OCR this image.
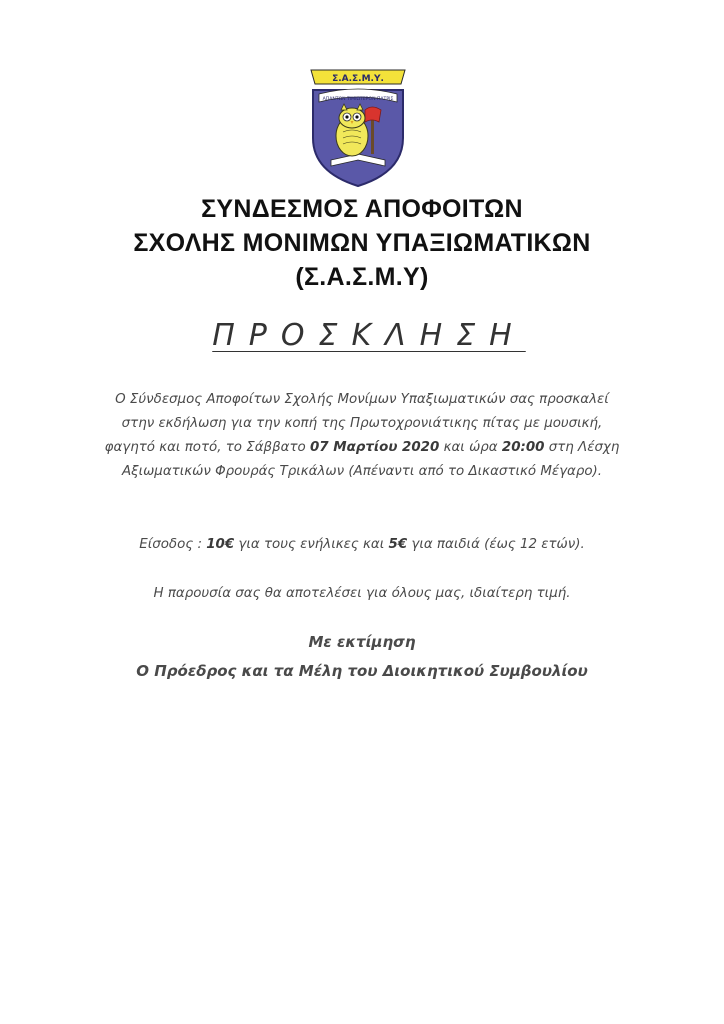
Σ.Α.Σ.Μ.Υ.
ΑΠΑΝΤΩΝ ΤΙΜΙΩΤΕΡΟΝ ΠΑΤΡΙΣ
ΣΥΝΔΕΣΜΟΣ ΑΠΟΦΟΙΤΩΝ
ΣΧΟΛΗΣ ΜΟΝΙΜΩΝ ΥΠΑΞΙΩΜΑΤΙΚΩΝ
(Σ.Α.Σ.Μ.Υ)
ΠΡΟΣΚΛΗΣΗ
Ο Σύνδεσμος Αποφοίτων Σχολής Μονίμων Υπαξιωματικών σας προσκαλεί στην εκδήλωση για την κοπή της Πρωτοχρονιάτικης πίτας με μουσική, φαγητό και ποτό, το Σάββατο 07 Μαρτίου 2020 και ώρα 20:00 στη Λέσχη Αξιωματικών Φρουράς Τρικάλων (Απέναντι από το Δικαστικό Μέγαρο).
Είσοδος : 10€ για τους ενήλικες και 5€ για παιδιά (έως 12 ετών).
Η παρουσία σας θα αποτελέσει για όλους μας, ιδιαίτερη τιμή.
Με εκτίμηση
Ο Πρόεδρος και τα Μέλη του Διοικητικού Συμβουλίου
